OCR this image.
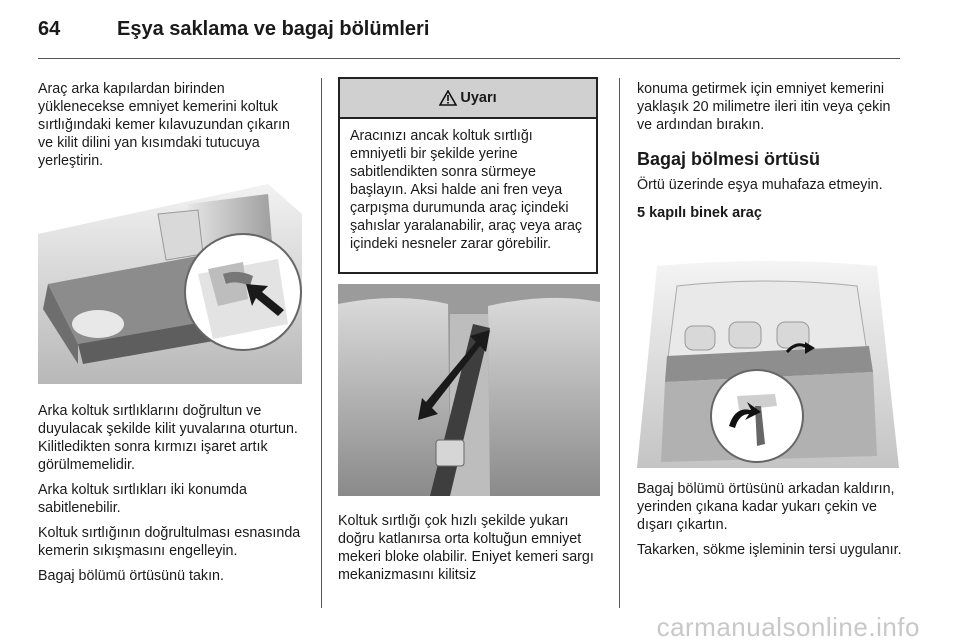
64	Eşya saklama ve bagaj bölümleri

Araç arka kapılardan birinden yüklenecekse emniyet kemerini koltuk sırtlığındaki kemer kılavuzundan çıkarın ve kilit dilini yan kısımdaki tutucuya yerleştirin.

Arka koltuk sırtlıklarını doğrultun ve duyulacak şekilde kilit yuvalarına oturtun. Kilitledikten sonra kırmızı işaret artık görülmemelidir.

Arka koltuk sırtlıkları iki konumda sabitlenebilir.

Koltuk sırtlığının doğrultulması esnasında kemerin sıkışmasını engelleyin.

Bagaj bölümü örtüsünü takın.

Uyarı
Aracınızı ancak koltuk sırtlığı emniyetli bir şekilde yerine sabitlendikten sonra sürmeye başlayın. Aksi halde ani fren veya çarpışma durumunda araç içindeki şahıslar yaralanabilir, araç veya araç içindeki nesneler zarar görebilir.

Koltuk sırtlığı çok hızlı şekilde yukarı doğru katlanırsa orta koltuğun emniyet mekeri bloke olabilir. Eniyet kemeri sargı mekanizmasını kilitsiz

konuma getirmek için emniyet kemerini yaklaşık 20 milimetre ileri itin veya çekin ve ardından bırakın.

Bagaj bölmesi örtüsü

Örtü üzerinde eşya muhafaza etmeyin.

5 kapılı binek araç

Bagaj bölümü örtüsünü arkadan kaldırın, yerinden çıkana kadar yukarı çekin ve dışarı çıkartın.

Takarken, sökme işleminin tersi uygulanır.

carmanualsonline.info
